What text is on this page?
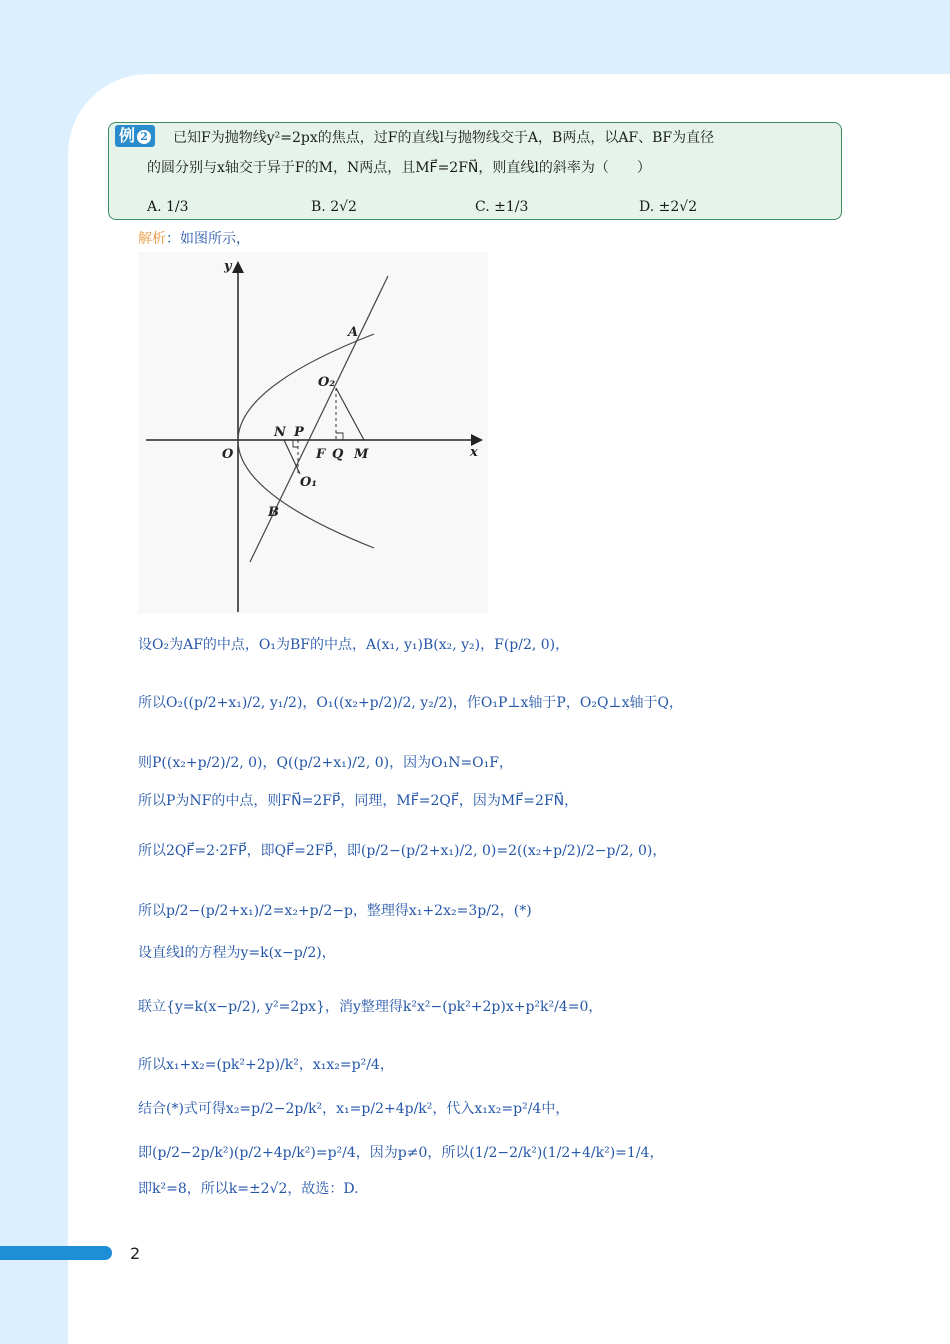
例 2	已知F为抛物线y²=2px的焦点，过F的直线l与抛物线交于A，B两点，以AF、BF为直径
的圆分别与x轴交于异于F的M，N两点，且MF⃗=2FN⃗，则直线l的斜率为（　　）
A. 1/3	B. 2√2	C. ±1/3	D. ±2√2
解析：如图所示，
y
x
O
A
B
O₂
O₁
N P
F Q M
设O₂为AF的中点，O₁为BF的中点，A(x₁, y₁)B(x₂, y₂)，F(p/2, 0)，
所以O₂((p/2+x₁)/2, y₁/2)，O₁((x₂+p/2)/2, y₂/2)，作O₁P⊥x轴于P，O₂Q⊥x轴于Q，
则P((x₂+p/2)/2, 0)，Q((p/2+x₁)/2, 0)，因为O₁N=O₁F，
所以P为NF的中点，则FN⃗=2FP⃗，同理，MF⃗=2QF⃗，因为MF⃗=2FN⃗，
所以2QF⃗=2·2FP⃗，即QF⃗=2FP⃗，即(p/2−(p/2+x₁)/2, 0)=2((x₂+p/2)/2−p/2, 0)，
所以p/2−(p/2+x₁)/2=x₂+p/2−p，整理得x₁+2x₂=3p/2，(*)
设直线l的方程为y=k(x−p/2)，
联立{y=k(x−p/2), y²=2px}，消y整理得k²x²−(pk²+2p)x+p²k²/4=0，
所以x₁+x₂=(pk²+2p)/k²，x₁x₂=p²/4，
结合(*)式可得x₂=p/2−2p/k²，x₁=p/2+4p/k²，代入x₁x₂=p²/4中，
即(p/2−2p/k²)(p/2+4p/k²)=p²/4，因为p≠0，所以(1/2−2/k²)(1/2+4/k²)=1/4，
即k²=8，所以k=±2√2，故选：D.
2
